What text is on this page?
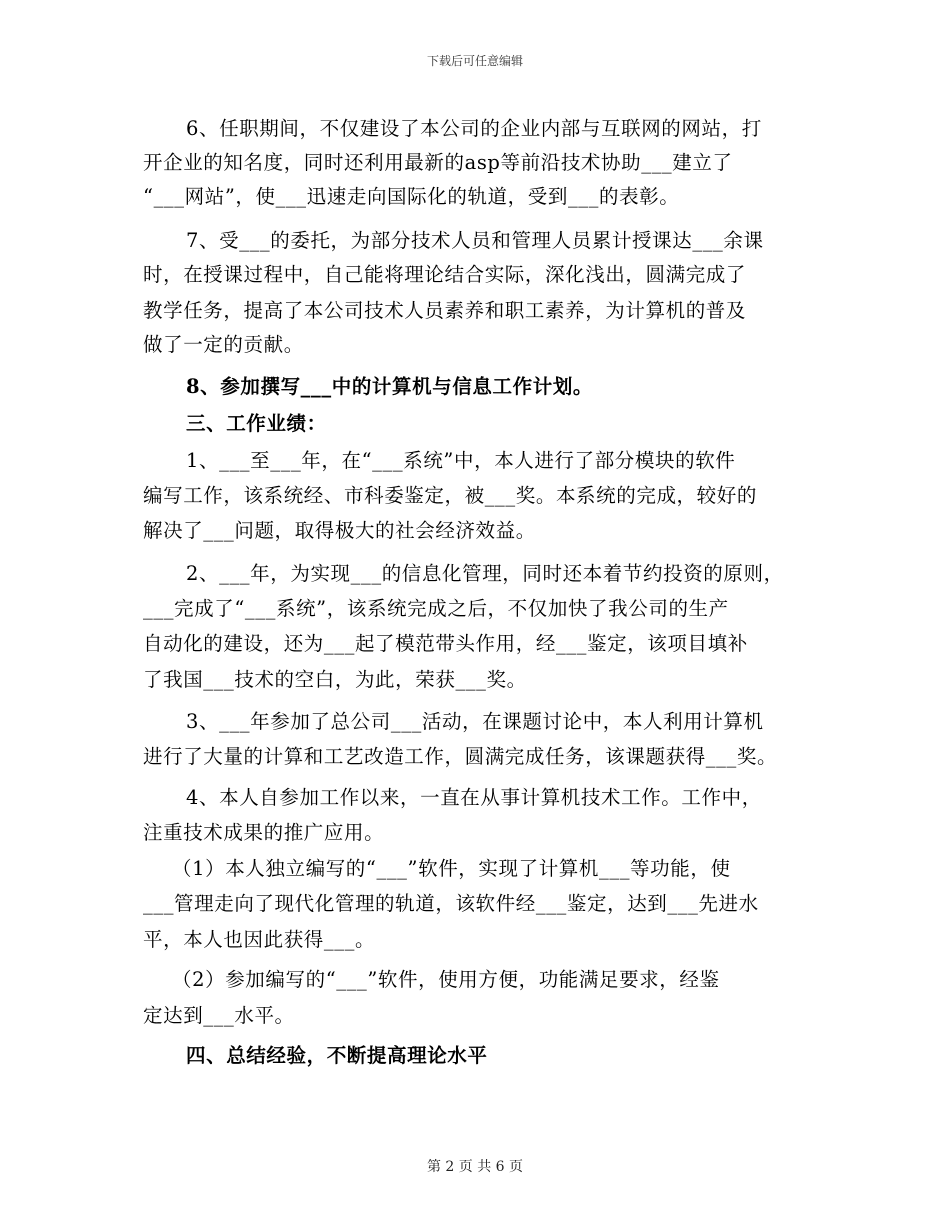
下载后可任意编辑
6、任职期间，不仅建设了本公司的企业内部与互联网的网站，打
开企业的知名度，同时还利用最新的asp等前沿技术协助___建立了
“___网站”，使___迅速走向国际化的轨道，受到___的表彰。
7、受___的委托，为部分技术人员和管理人员累计授课达___余课
时，在授课过程中，自己能将理论结合实际，深化浅出，圆满完成了
教学任务，提高了本公司技术人员素养和职工素养，为计算机的普及
做了一定的贡献。
8、参加撰写___中的计算机与信息工作计划。
三、工作业绩：
1、___至___年，在“___系统”中，本人进行了部分模块的软件
编写工作，该系统经、市科委鉴定，被___奖。本系统的完成，较好的
解决了___问题，取得极大的社会经济效益。
2、___年，为实现___的信息化管理，同时还本着节约投资的原则，
___完成了“___系统”，该系统完成之后，不仅加快了我公司的生产
自动化的建设，还为___起了模范带头作用，经___鉴定，该项目填补
了我国___技术的空白，为此，荣获___奖。
3、___年参加了总公司___活动，在课题讨论中，本人利用计算机
进行了大量的计算和工艺改造工作，圆满完成任务，该课题获得___奖。
4、本人自参加工作以来，一直在从事计算机技术工作。工作中，
注重技术成果的推广应用。
（1）本人独立编写的“___”软件，实现了计算机___等功能，使
___管理走向了现代化管理的轨道，该软件经___鉴定，达到___先进水
平，本人也因此获得___。
（2）参加编写的“___”软件，使用方便，功能满足要求，经鉴
定达到___水平。
四、总结经验，不断提高理论水平
第 2 页 共 6 页
